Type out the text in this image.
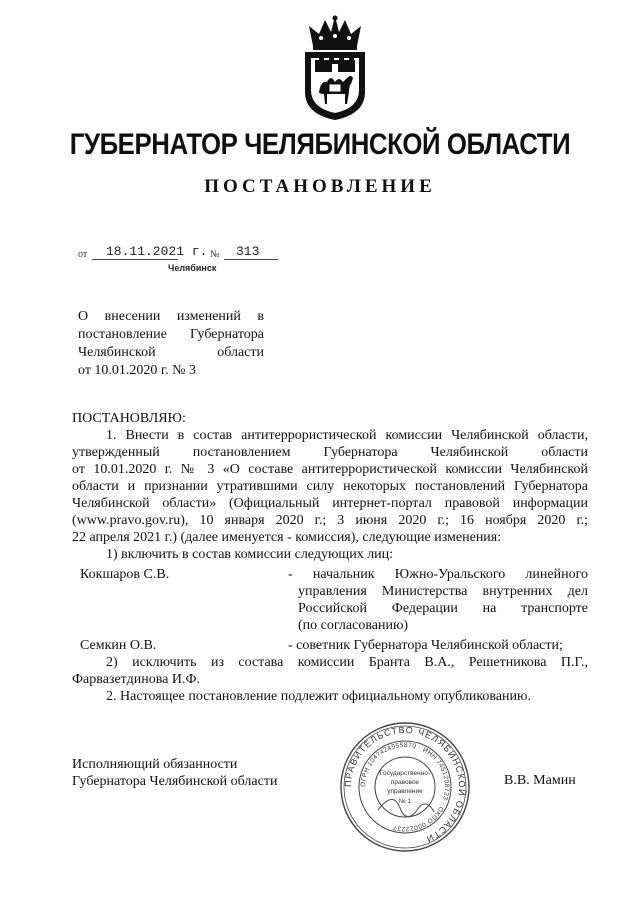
ГУБЕРНАТОР ЧЕЛЯБИНСКОЙ ОБЛАСТИ
ПОСТАНОВЛЕНИЕ
от 18.11.2021 г. № 313
Челябинск
О внесении изменений в
постановление Губернатора
Челябинской области
от 10.01.2020 г. № 3
ПОСТАНОВЛЯЮ:
1. Внести в состав антитеррористической комиссии Челябинской области,
утвержденный постановлением Губернатора Челябинской области
от 10.01.2020 г. № 3 «О составе антитеррористической комиссии Челябинской
области и признании утратившими силу некоторых постановлений Губернатора
Челябинской области» (Официальный интернет-портал правовой информации
(www.pravo.gov.ru), 10 января 2020 г.; 3 июня 2020 г.; 16 ноября 2020 г.;
22 апреля 2021 г.) (далее именуется - комиссия), следующие изменения:
1) включить в состав комиссии следующих лиц:
Кокшаров С.В.	- начальник Южно-Уральского линейного
управления Министерства внутренних дел
Российской Федерации на транспорте
(по согласованию)
Семкин О.В.	- советник Губернатора Челябинской области;
2) исключить из состава комиссии Бранта В.А., Решетникова П.Г.,
Фарвазетдинова И.Ф.
2. Настоящее постановление подлежит официальному опубликованию.
Исполняющий обязанности
Губернатора Челябинской области	ПРАВИТЕЛЬСТВО ЧЕЛЯБИНСКОЙ ОБЛАСТИ
ОГРН 1047424555870 · ИНН 7451208723 · ОКПО 00022237
Государственно-
правовое
управление
№ 1
В.В. Мамин
